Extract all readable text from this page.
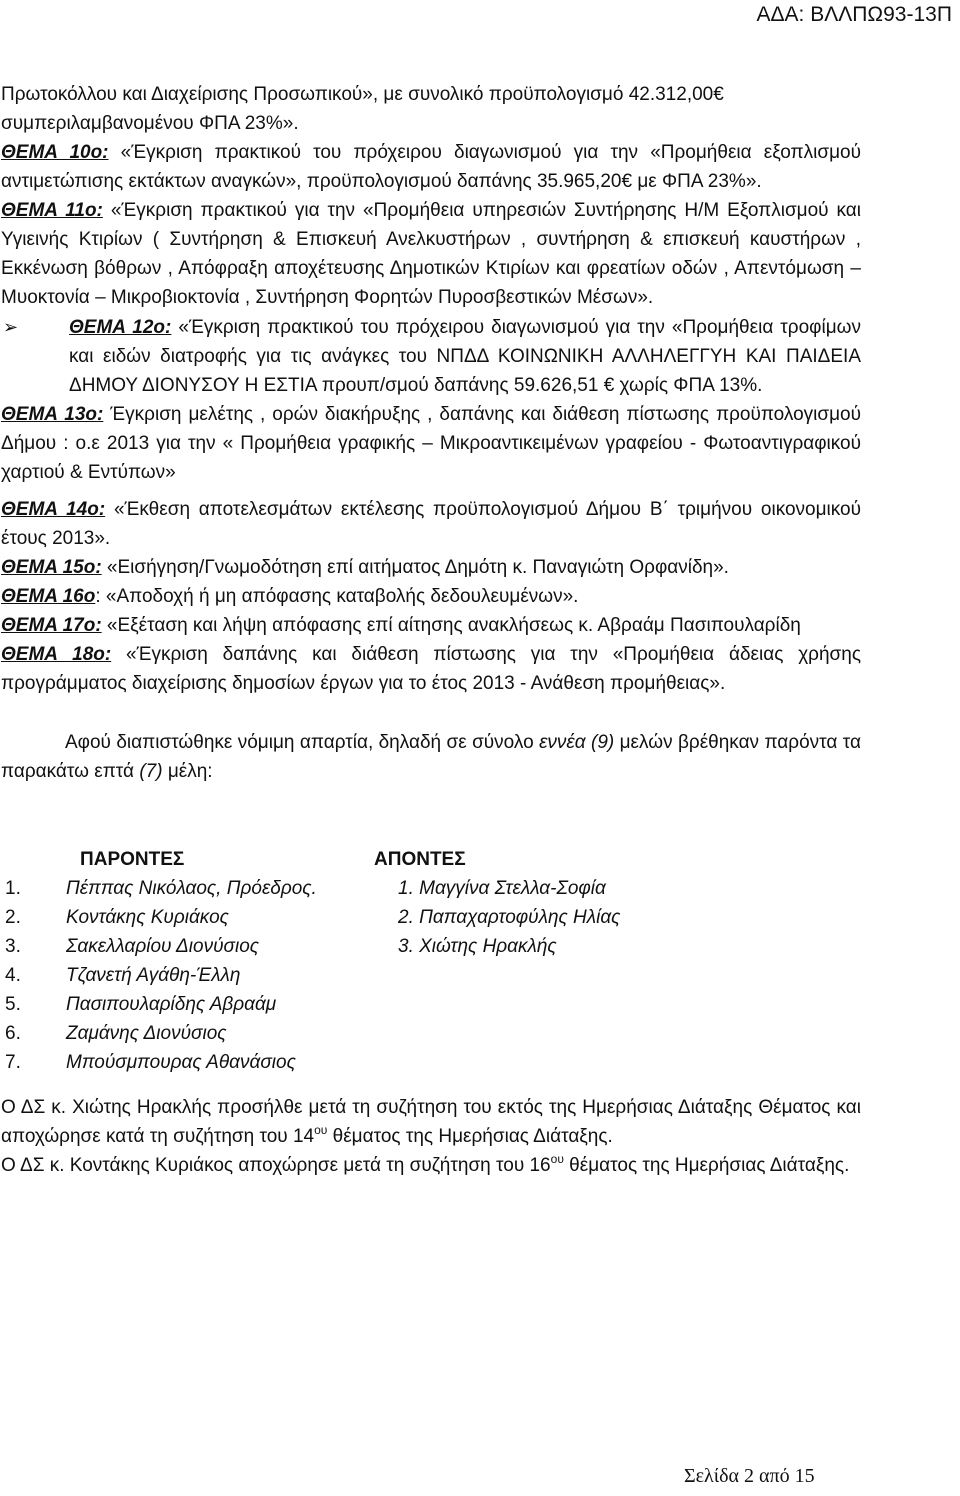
ΑΔΑ: ΒΛΛΠΩ93-13Π

Πρωτοκόλλου και Διαχείρισης Προσωπικού», με συνολικό προϋπολογισμό 42.312,00€

συμπεριλαμβανομένου ΦΠΑ 23%».

ΘΕΜΑ 10ο: «Έγκριση πρακτικού του πρόχειρου διαγωνισμού για την «Προμήθεια εξοπλισμού αντιμετώπισης εκτάκτων αναγκών», προϋπολογισμού δαπάνης 35.965,20€ με ΦΠΑ 23%».

ΘΕΜΑ 11ο: «Έγκριση πρακτικού για την «Προμήθεια υπηρεσιών Συντήρησης Η/Μ Εξοπλισμού και Υγιεινής Κτιρίων ( Συντήρηση & Επισκευή Ανελκυστήρων , συντήρηση & επισκευή καυστήρων , Εκκένωση βόθρων , Απόφραξη αποχέτευσης Δημοτικών Κτιρίων και φρεατίων οδών , Απεντόμωση – Μυοκτονία – Μικροβιοκτονία , Συντήρηση Φορητών Πυροσβεστικών Μέσων».

➢	ΘΕΜΑ 12ο: «Έγκριση πρακτικού του πρόχειρου διαγωνισμού για την «Προμήθεια τροφίμων και ειδών διατροφής για τις ανάγκες του ΝΠΔΔ ΚΟΙΝΩΝΙΚΗ ΑΛΛΗΛΕΓΓΥΗ ΚΑΙ ΠΑΙΔΕΙΑ ΔΗΜΟΥ ΔΙΟΝΥΣΟΥ Η ΕΣΤΙΑ προυπ/σμού δαπάνης 59.626,51 € χωρίς ΦΠΑ 13%.

ΘΕΜΑ 13ο: Έγκριση μελέτης , ορών διακήρυξης , δαπάνης και διάθεση πίστωσης προϋπολογισμού Δήμου : ο.ε 2013 για την « Προμήθεια γραφικής – Μικροαντικειμένων γραφείου - Φωτοαντιγραφικού χαρτιού & Εντύπων»

ΘΕΜΑ 14ο: «Έκθεση αποτελεσμάτων εκτέλεσης προϋπολογισμού Δήμου Β΄ τριμήνου οικονομικού έτους 2013».

ΘΕΜΑ 15ο: «Εισήγηση/Γνωμοδότηση επί αιτήματος Δημότη κ. Παναγιώτη Ορφανίδη».

ΘΕΜΑ 16ο: «Αποδοχή ή μη απόφασης καταβολής δεδουλευμένων».

ΘΕΜΑ 17ο: «Εξέταση και λήψη απόφασης επί αίτησης ανακλήσεως κ. Αβραάμ Πασιπουλαρίδη

ΘΕΜΑ 18ο: «Έγκριση δαπάνης και διάθεση πίστωσης για την «Προμήθεια άδειας χρήσης προγράμματος διαχείρισης δημοσίων έργων για το έτος 2013 - Ανάθεση προμήθειας».

Αφού διαπιστώθηκε νόμιμη απαρτία, δηλαδή σε σύνολο εννέα (9) μελών βρέθηκαν παρόντα τα παρακάτω επτά (7) μέλη:

ΠΑΡΟΝΤΕΣ	ΑΠΟΝΤΕΣ
1. Πέππας Νικόλαος, Πρόεδρος.
2. Κοντάκης Κυριάκος
3. Σακελλαρίου Διονύσιος
4. Τζανετή Αγάθη-Έλλη
5. Πασιπουλαρίδης Αβραάμ
6. Ζαμάνης Διονύσιος
7. Μπούσμπουρας Αθανάσιος
1. Μαγγίνα Στελλα-Σοφία
2. Παπαχαρτοφύλης Ηλίας
3. Χιώτης Ηρακλής

Ο ΔΣ κ. Χιώτης Ηρακλής προσήλθε μετά τη συζήτηση του εκτός της Ημερήσιας Διάταξης Θέματος και αποχώρησε κατά τη συζήτηση του $14^{o\upsilon}$ θέματος της Ημερήσιας Διάταξης.

Ο ΔΣ κ. Κοντάκης Κυριάκος αποχώρησε μετά τη συζήτηση του $16^{o\upsilon}$ θέματος της Ημερήσιας Διάταξης.

Σελίδα 2 από 15
